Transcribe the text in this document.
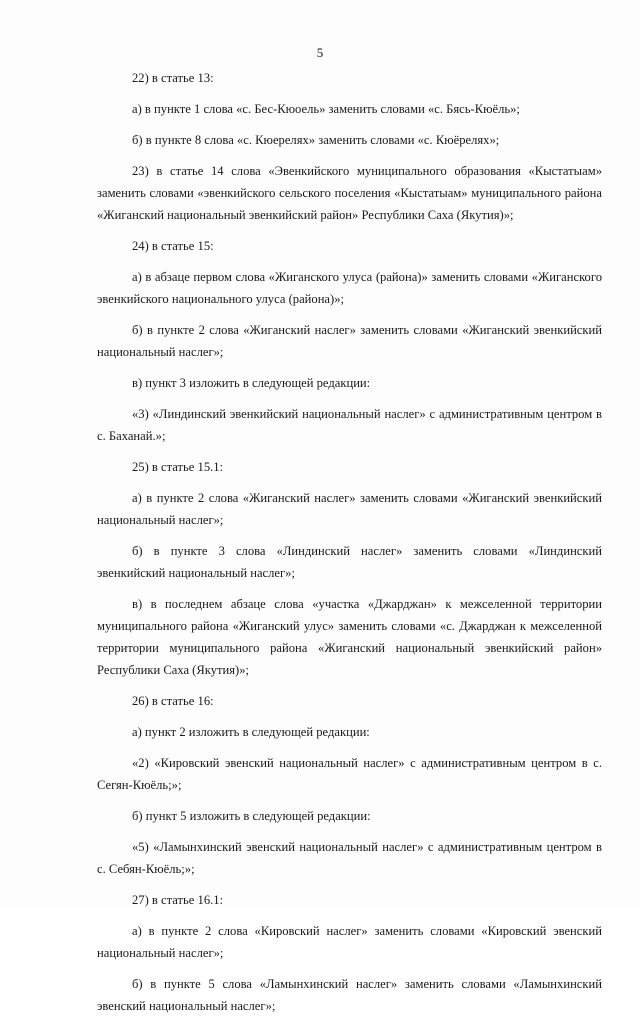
5

22) в статье 13:

а) в пункте 1 слова «с. Бес-Кюоель» заменить словами «с. Бясь-Кюёль»;

б) в пункте 8 слова «с. Кюерелях» заменить словами «с. Кюёрелях»;

23) в статье 14 слова «Эвенкийского муниципального образования «Кыстатыам» заменить словами «эвенкийского сельского поселения «Кыстатыам» муниципального района «Жиганский национальный эвенкийский район» Республики Саха (Якутия)»;

24) в статье 15:

а) в абзаце первом слова «Жиганского улуса (района)» заменить словами «Жиганского эвенкийского национального улуса (района)»;

б) в пункте 2 слова «Жиганский наслег» заменить словами «Жиганский эвенкийский национальный наслег»;

в) пункт 3 изложить в следующей редакции:

«3) «Линдинский эвенкийский национальный наслег» с административным центром в с. Баханай.»;

25) в статье 15.1:

а) в пункте 2 слова «Жиганский наслег» заменить словами «Жиганский эвенкийский национальный наслег»;

б) в пункте 3 слова «Линдинский наслег» заменить словами «Линдинский эвенкийский национальный наслег»;

в) в последнем абзаце слова «участка «Джарджан» к межселенной территории муниципального района «Жиганский улус» заменить словами «с. Джарджан к межселенной территории муниципального района «Жиганский национальный эвенкийский район» Республики Саха (Якутия)»;

26) в статье 16:

а) пункт 2 изложить в следующей редакции:

«2) «Кировский эвенский национальный наслег» с административным центром в с. Сегян-Кюёль;»;

б) пункт 5 изложить в следующей редакции:

«5) «Ламынхинский эвенский национальный наслег» с административным центром в с. Себян-Кюёль;»;

27) в статье 16.1:

а) в пункте 2 слова «Кировский наслег» заменить словами «Кировский эвенский национальный наслег»;

б) в пункте 5 слова «Ламынхинский наслег» заменить словами «Ламынхинский эвенский национальный наслег»;
